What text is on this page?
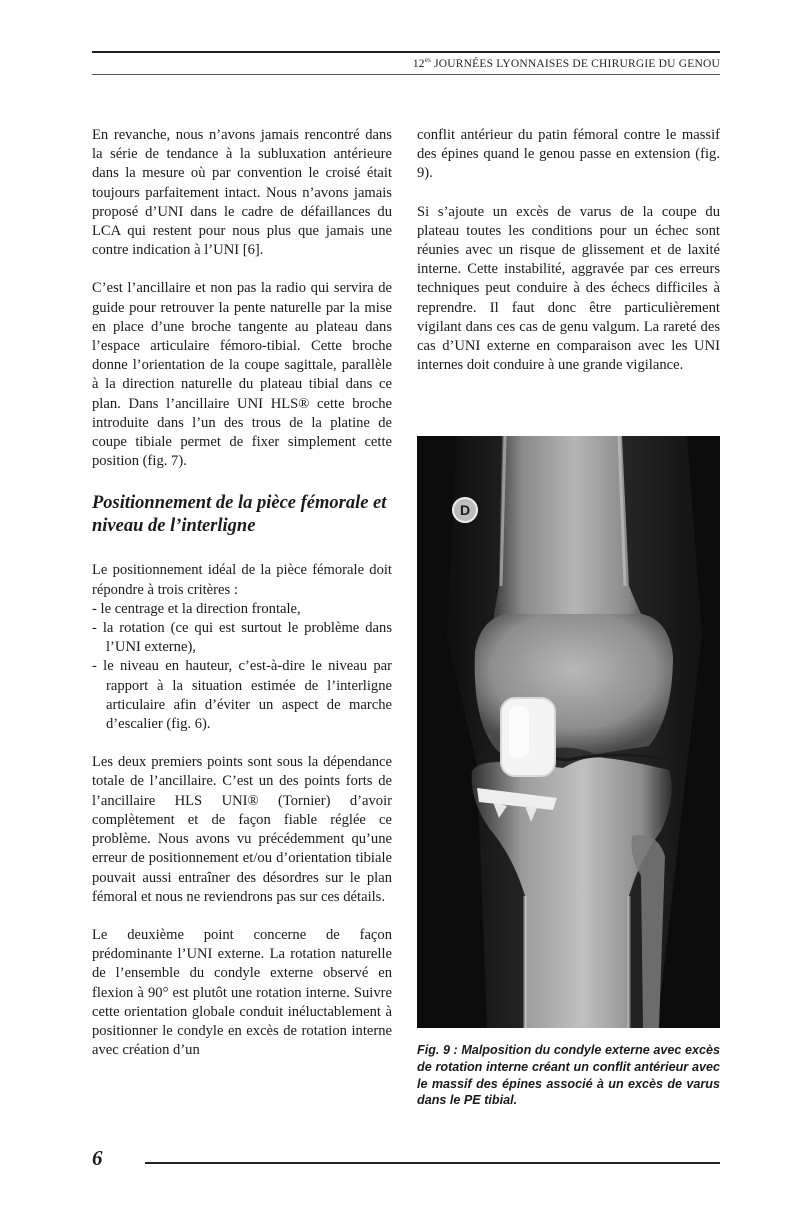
$12^{es}$ JOURNÉES LYONNAISES DE CHIRURGIE DU GENOU

En revanche, nous n’avons jamais rencontré dans la série de tendance à la subluxation antérieure dans la mesure où par convention le croisé était toujours parfaitement intact. Nous n’avons jamais proposé d’UNI dans le cadre de défaillances du LCA qui restent pour nous plus que jamais une contre indication à l’UNI [6].

C’est l’ancillaire et non pas la radio qui servira de guide pour retrouver la pente naturelle par la mise en place d’une broche tangente au plateau dans l’espace articulaire fémoro-tibial. Cette broche donne l’orientation de la coupe sagittale, parallèle à la direction naturelle du plateau tibial dans ce plan. Dans l’ancillaire UNI HLS® cette broche introduite dans l’un des trous de la platine de coupe tibiale permet de fixer simplement cette position (fig. 7).

Positionnement de la pièce fémorale et niveau de l’interligne

Le positionnement idéal de la pièce fémorale doit répondre à trois critères :

- le centrage et la direction frontale,
- la rotation (ce qui est surtout le problème dans l’UNI externe),
- le niveau en hauteur, c’est-à-dire le niveau par rapport à la situation estimée de l’interligne articulaire afin d’éviter un aspect de marche d’escalier (fig. 6).

Les deux premiers points sont sous la dépendance totale de l’ancillaire. C’est un des points forts de l’ancillaire HLS UNI® (Tornier) d’avoir complètement et de façon fiable réglée ce problème. Nous avons vu précédemment qu’une erreur de positionnement et/ou d’orientation tibiale pouvait aussi entraîner des désordres sur le plan fémoral et nous ne reviendrons pas sur ces détails.

Le deuxième point concerne de façon prédominante l’UNI externe. La rotation naturelle de l’ensemble du condyle externe observé en flexion à 90° est plutôt une rotation interne. Suivre cette orientation globale conduit inéluctablement à positionner le condyle en excès de rotation interne avec création d’un

conflit antérieur du patin fémoral contre le massif des épines quand le genou passe en extension (fig. 9).

Si s’ajoute un excès de varus de la coupe du plateau toutes les conditions pour un échec sont réunies avec un risque de glissement et de laxité interne. Cette instabilité, aggravée par ces erreurs techniques peut conduire à des échecs difficiles à reprendre. Il faut donc être particulièrement vigilant dans ces cas de genu valgum. La rareté des cas d’UNI externe en comparaison avec les UNI internes doit conduire à une grande vigilance.

D
Fig. 9 : Malposition du condyle externe avec excès de rotation interne créant un conflit antérieur avec le massif des épines associé à un excès de varus dans le PE tibial.
6
